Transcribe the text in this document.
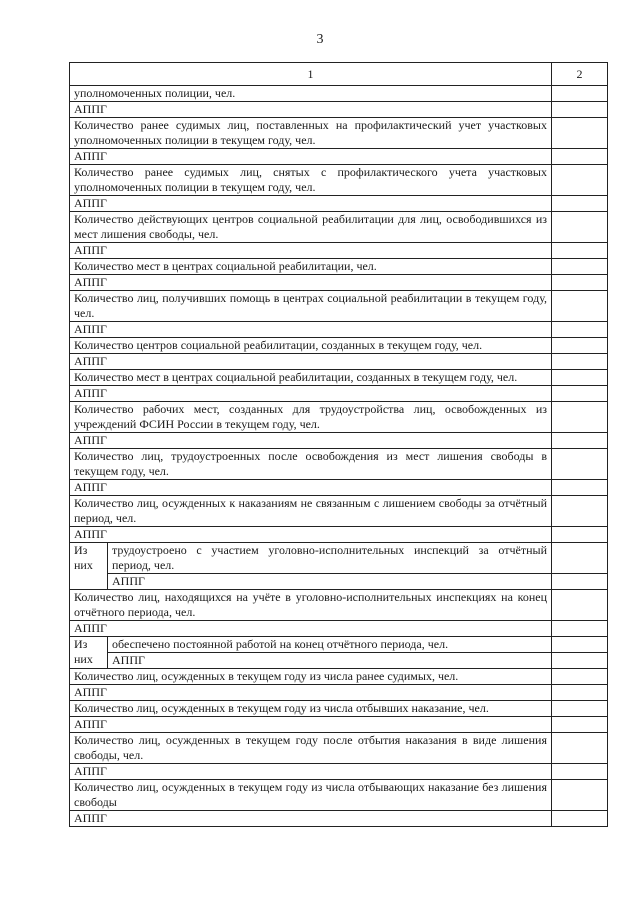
3
1		2
уполномоченных полиции, чел.		
АППГ		
Количество ранее судимых лиц, поставленных на профилактический учет участковых уполномоченных полиции в текущем году, чел.		
АППГ		
Количество ранее судимых лиц, снятых с профилактического учета участковых уполномоченных полиции в текущем году, чел.		
АППГ		
Количество действующих центров социальной реабилитации для лиц, освободившихся из мест лишения свободы, чел.		
АППГ		
Количество мест в центрах социальной реабилитации, чел.		
АППГ		
Количество лиц, получивших помощь в центрах социальной реабилитации в текущем году, чел.		
АППГ		
Количество центров социальной реабилитации, созданных в текущем году, чел.		
АППГ		
Количество мест в центрах социальной реабилитации, созданных в текущем году, чел.		
АППГ		
Количество рабочих мест, созданных для трудоустройства лиц, освобожденных из учреждений ФСИН России в текущем году, чел.		
АППГ		
Количество лиц, трудоустроенных после освобождения из мест лишения свободы в текущем году, чел.		
АППГ		
Количество лиц, осужденных к наказаниям не связанным с лишением свободы за отчётный период, чел.		
АППГ		
Из
них	трудоустроено с участием уголовно-исполнительных инспекций за отчётный период, чел.	
	АППГ	
Количество лиц, находящихся на учёте в уголовно-исполнительных инспекциях на конец отчётного периода, чел.		
АППГ		
Из
них	обеспечено постоянной работой на конец отчётного периода, чел.	
	АППГ	
Количество лиц, осужденных в текущем году из числа ранее судимых, чел.		
АППГ		
Количество лиц, осужденных в текущем году из числа отбывших наказание, чел.		
АППГ		
Количество лиц, осужденных в текущем году после отбытия наказания в виде лишения свободы, чел.		
АППГ		
Количество лиц, осужденных в текущем году из числа отбывающих наказание без лишения свободы		
АППГ		
